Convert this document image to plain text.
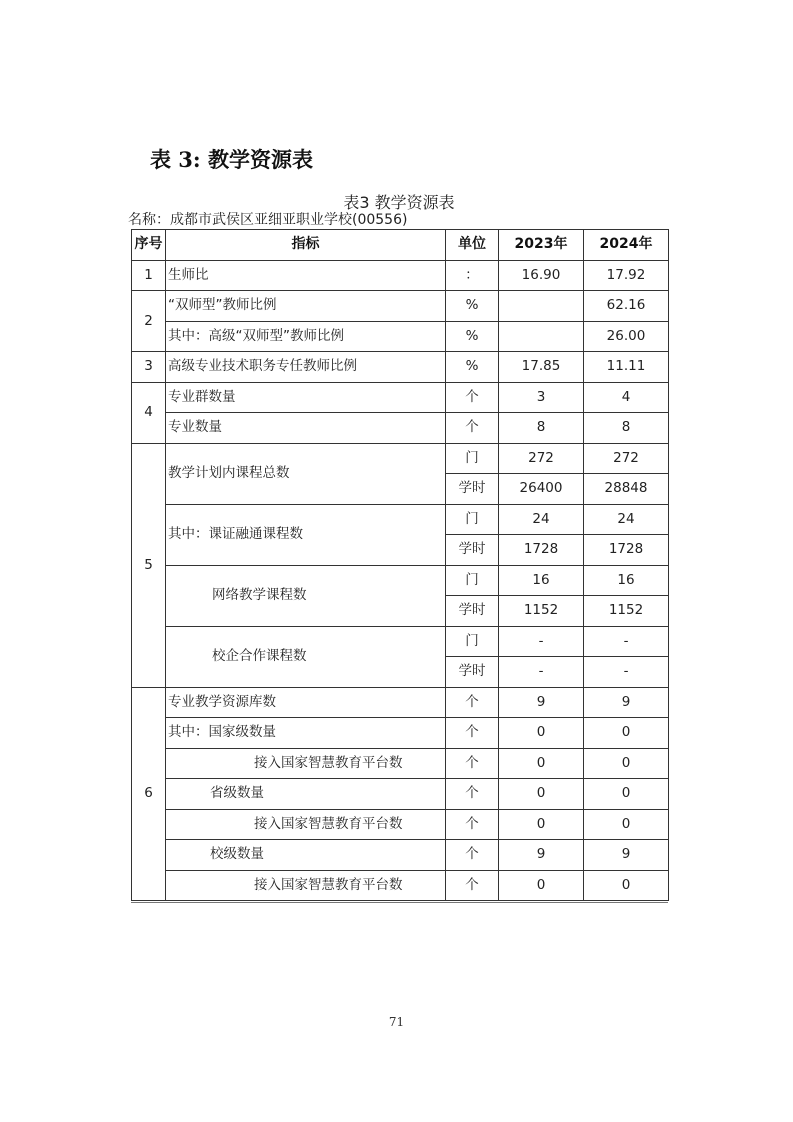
表 3: 教学资源表
表3 教学资源表
名称：成都市武侯区亚细亚职业学校(00556)
序号	指标	单位	2023年	2024年
1	生师比	：	16.90	17.92
2	“双师型”教师比例	%		62.16
	其中：高级“双师型”教师比例	%		26.00
3	高级专业技术职务专任教师比例	%	17.85	11.11
4	专业群数量	个	3	4
	专业数量	个	8	8
5	教学计划内课程总数	门	272	272
		学时	26400	28848
	其中：课证融通课程数	门	24	24
		学时	1728	1728
	网络教学课程数	门	16	16
		学时	1152	1152
	校企合作课程数	门	-	-
		学时	-	-
6	专业教学资源库数	个	9	9
	其中：国家级数量	个	0	0
	接入国家智慧教育平台数	个	0	0
	省级数量	个	0	0
	接入国家智慧教育平台数	个	0	0
	校级数量	个	9	9
	接入国家智慧教育平台数	个	0	0
71
